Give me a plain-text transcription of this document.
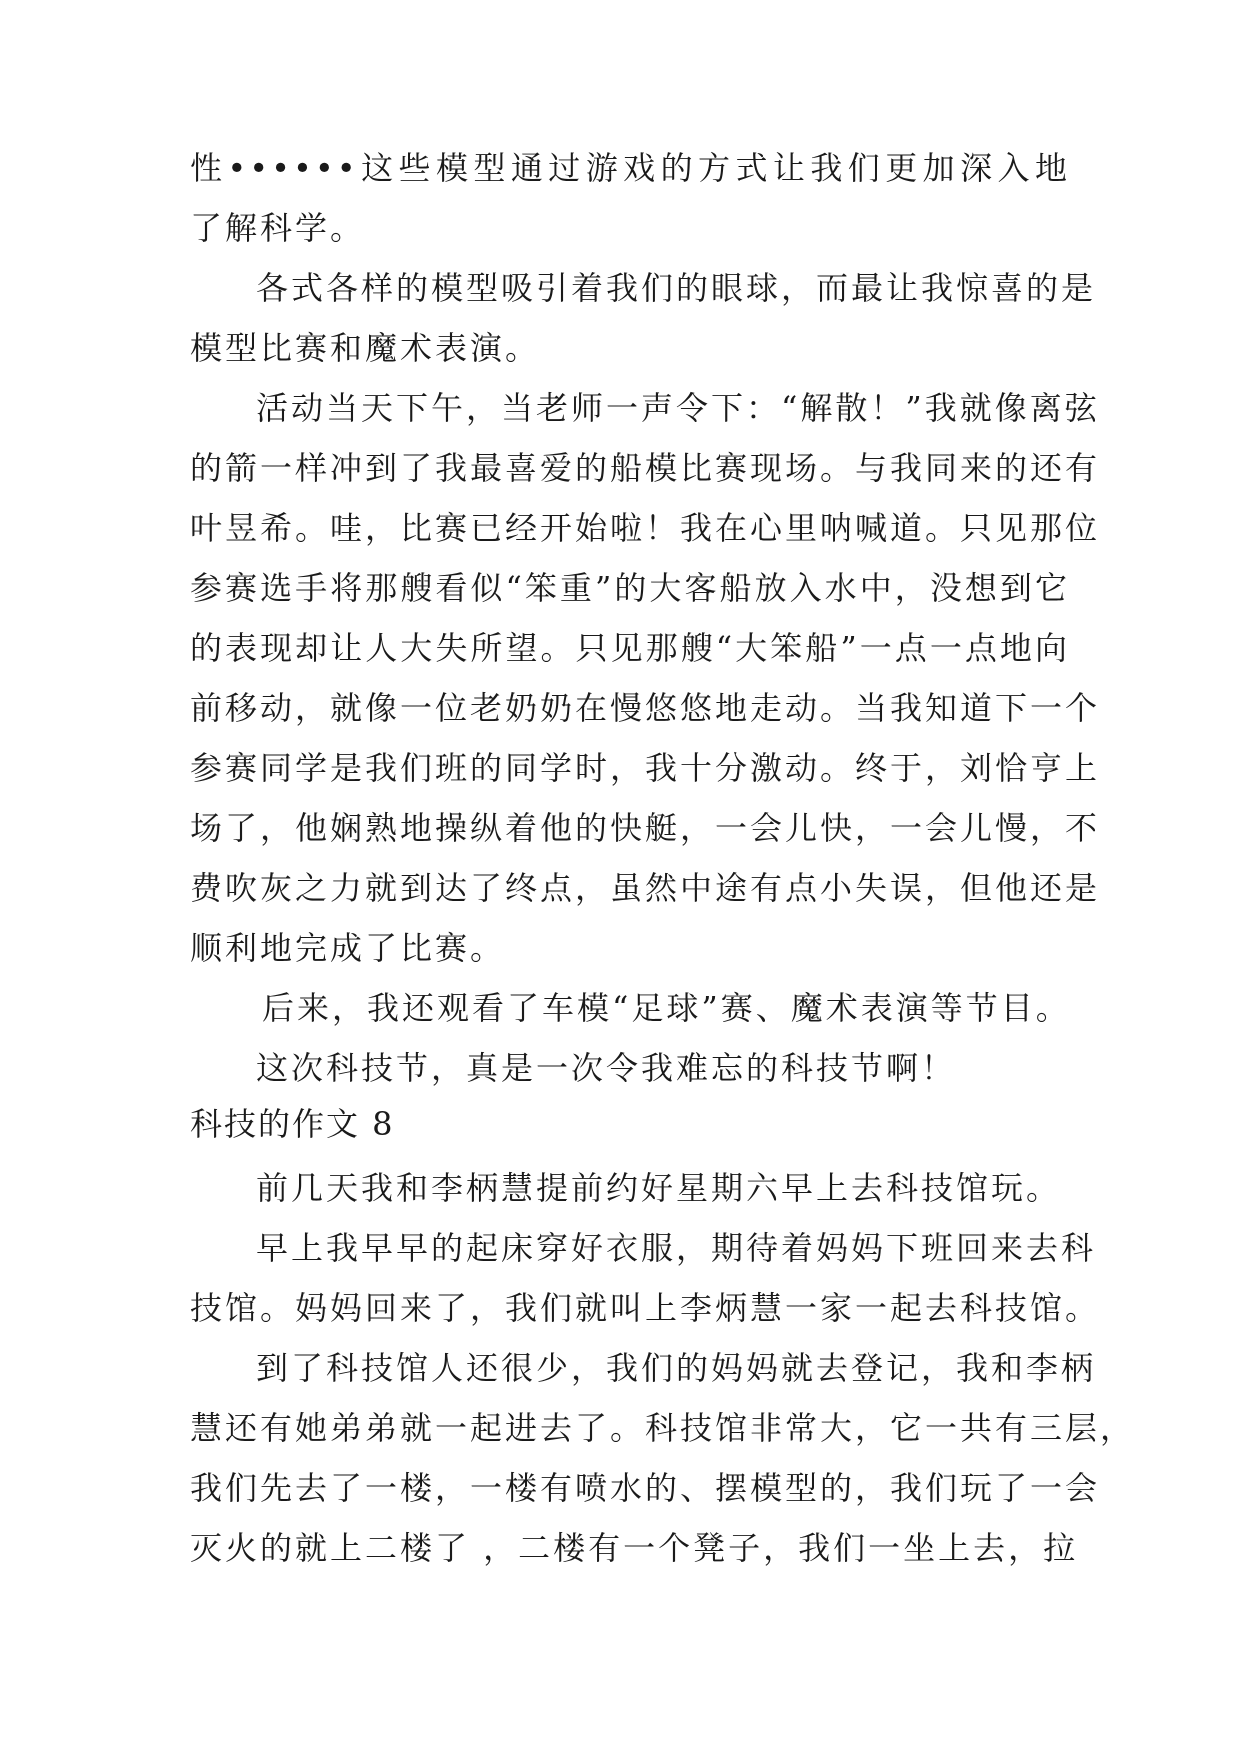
性••••••这些模型通过游戏的方式让我们更加深入地
了解科学。
各式各样的模型吸引着我们的眼球，而最让我惊喜的是
模型比赛和魔术表演。
活动当天下午，当老师一声令下：“解散！”我就像离弦
的箭一样冲到了我最喜爱的船模比赛现场。与我同来的还有
叶昱希。哇，比赛已经开始啦！我在心里呐喊道。只见那位
参赛选手将那艘看似“笨重”的大客船放入水中，没想到它
的表现却让人大失所望。只见那艘“大笨船”一点一点地向
前移动，就像一位老奶奶在慢悠悠地走动。当我知道下一个
参赛同学是我们班的同学时，我十分激动。终于，刘恰亨上
场了，他娴熟地操纵着他的快艇，一会儿快，一会儿慢，不
费吹灰之力就到达了终点，虽然中途有点小失误，但他还是
顺利地完成了比赛。
后来，我还观看了车模“足球”赛、魔术表演等节目。
这次科技节，真是一次令我难忘的科技节啊！
科技的作文 8
前几天我和李柄慧提前约好星期六早上去科技馆玩。
早上我早早的起床穿好衣服，期待着妈妈下班回来去科
技馆。妈妈回来了，我们就叫上李炳慧一家一起去科技馆。
到了科技馆人还很少，我们的妈妈就去登记，我和李柄
慧还有她弟弟就一起进去了。科技馆非常大，它一共有三层，
我们先去了一楼，一楼有喷水的、摆模型的，我们玩了一会
灭火的就上二楼了 ，二楼有一个凳子，我们一坐上去，拉
